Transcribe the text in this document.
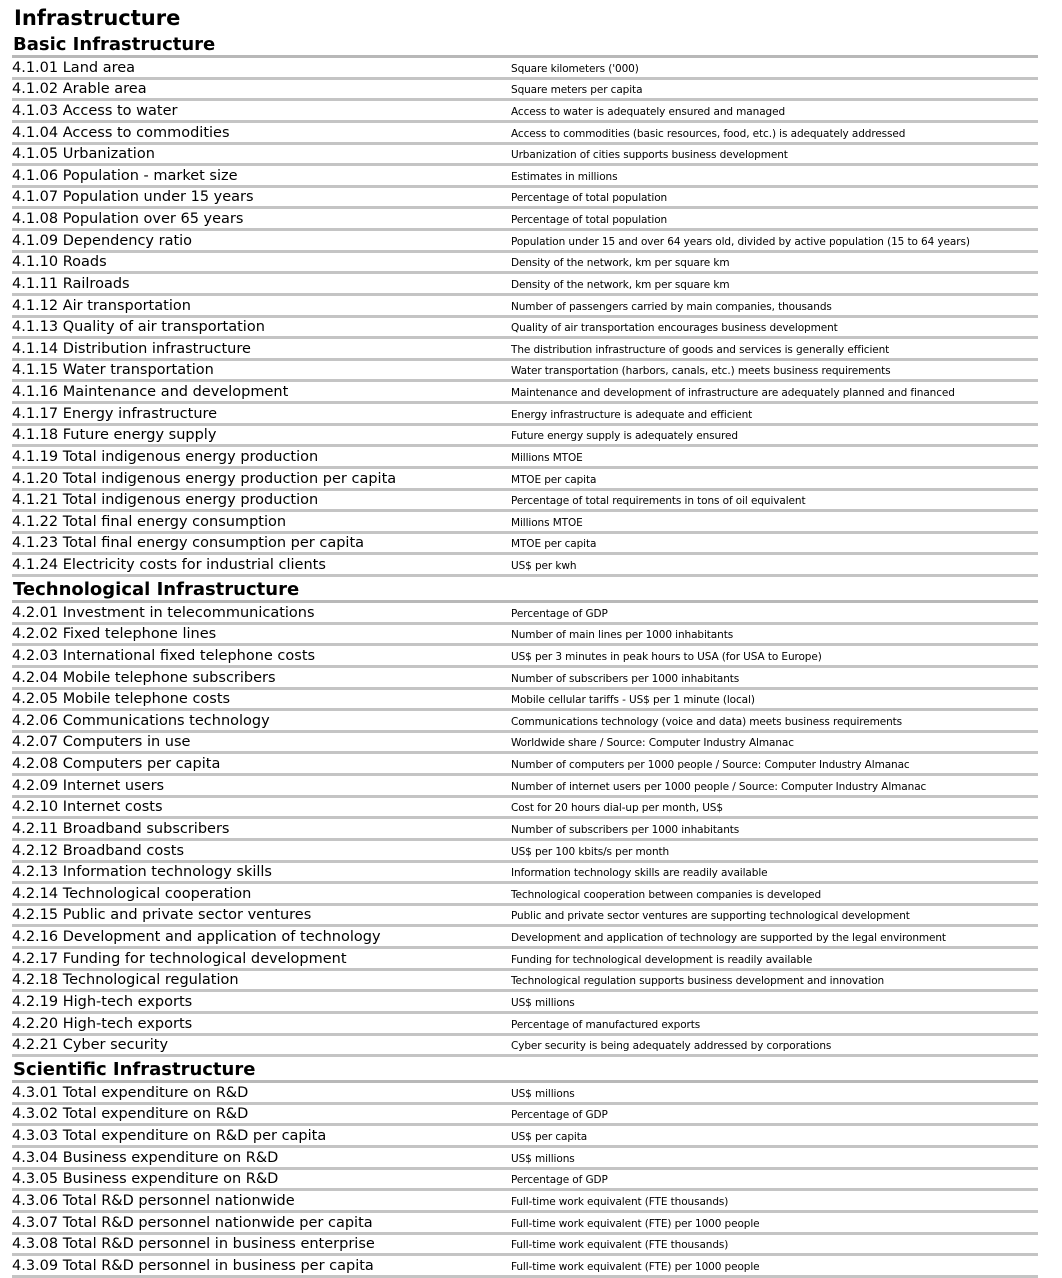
Infrastructure
Basic Infrastructure
4.1.01 Land area	Square kilometers ('000)
4.1.02 Arable area	Square meters per capita
4.1.03 Access to water	Access to water is adequately ensured and managed
4.1.04 Access to commodities	Access to commodities (basic resources, food, etc.) is adequately addressed
4.1.05 Urbanization	Urbanization of cities supports business development
4.1.06 Population - market size	Estimates in millions
4.1.07 Population under 15 years	Percentage of total population
4.1.08 Population over 65 years	Percentage of total population
4.1.09 Dependency ratio	Population under 15 and over 64 years old, divided by active population (15 to 64 years)
4.1.10 Roads	Density of the network, km per square km
4.1.11 Railroads	Density of the network, km per square km
4.1.12 Air transportation	Number of passengers carried by main companies, thousands
4.1.13 Quality of air transportation	Quality of air transportation encourages business development
4.1.14 Distribution infrastructure	The distribution infrastructure of goods and services is generally efficient
4.1.15 Water transportation	Water transportation (harbors, canals, etc.) meets business requirements
4.1.16 Maintenance and development	Maintenance and development of infrastructure are adequately planned and financed
4.1.17 Energy infrastructure	Energy infrastructure is adequate and efficient
4.1.18 Future energy supply	Future energy supply is adequately ensured
4.1.19 Total indigenous energy production	Millions MTOE
4.1.20 Total indigenous energy production per capita	MTOE per capita
4.1.21 Total indigenous energy production	Percentage of total requirements in tons of oil equivalent
4.1.22 Total final energy consumption	Millions MTOE
4.1.23 Total final energy consumption per capita	MTOE per capita
4.1.24 Electricity costs for industrial clients	US$ per kwh
Technological Infrastructure
4.2.01 Investment in telecommunications	Percentage of GDP
4.2.02 Fixed telephone lines	Number of main lines per 1000 inhabitants
4.2.03 International fixed telephone costs	US$ per 3 minutes in peak hours to USA (for USA to Europe)
4.2.04 Mobile telephone subscribers	Number of subscribers per 1000 inhabitants
4.2.05 Mobile telephone costs	Mobile cellular tariffs - US$ per 1 minute (local)
4.2.06 Communications technology	Communications technology (voice and data) meets business requirements
4.2.07 Computers in use	Worldwide share / Source: Computer Industry Almanac
4.2.08 Computers per capita	Number of computers per 1000 people / Source: Computer Industry Almanac
4.2.09 Internet users	Number of internet users per 1000 people / Source: Computer Industry Almanac
4.2.10 Internet costs	Cost for 20 hours dial-up per month, US$
4.2.11 Broadband subscribers	Number of subscribers per 1000 inhabitants
4.2.12 Broadband costs	US$ per 100 kbits/s per month
4.2.13 Information technology skills	Information technology skills are readily available
4.2.14 Technological cooperation	Technological cooperation between companies is developed
4.2.15 Public and private sector ventures	Public and private sector ventures are supporting technological development
4.2.16 Development and application of technology	Development and application of technology are supported by the legal environment
4.2.17 Funding for technological development	Funding for technological development is readily available
4.2.18 Technological regulation	Technological regulation supports business development and innovation
4.2.19 High-tech exports	US$ millions
4.2.20 High-tech exports	Percentage of manufactured exports
4.2.21 Cyber security	Cyber security is being adequately addressed by corporations
Scientific Infrastructure
4.3.01 Total expenditure on R&D	US$ millions
4.3.02 Total expenditure on R&D	Percentage of GDP
4.3.03 Total expenditure on R&D per capita	US$ per capita
4.3.04 Business expenditure on R&D	US$ millions
4.3.05 Business expenditure on R&D	Percentage of GDP
4.3.06 Total R&D personnel nationwide	Full-time work equivalent (FTE thousands)
4.3.07 Total R&D personnel nationwide per capita	Full-time work equivalent (FTE) per 1000 people
4.3.08 Total R&D personnel in business enterprise	Full-time work equivalent (FTE thousands)
4.3.09 Total R&D personnel in business per capita	Full-time work equivalent (FTE) per 1000 people
